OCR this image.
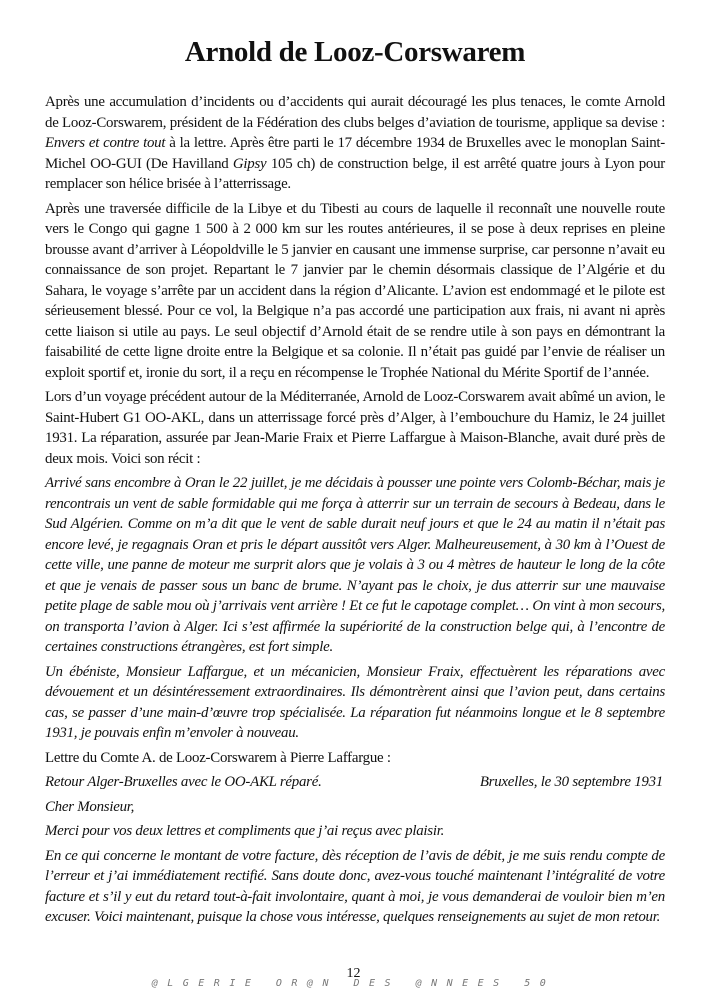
Arnold de Looz-Corswarem

Après une accumulation d’incidents ou d’accidents qui aurait découragé les plus tenaces, le comte Arnold de Looz-Corswarem, président de la Fédération des clubs belges d’aviation de tourisme, applique sa devise : Envers et contre tout à la lettre. Après être parti le 17 décembre 1934 de Bruxelles avec le monoplan Saint-Michel OO-GUI (De Havilland Gipsy 105 ch) de construction belge, il est arrêté quatre jours à Lyon pour remplacer son hélice brisée à l’atterrissage.

Après une traversée difficile de la Libye et du Tibesti au cours de laquelle il reconnaît une nouvelle route vers le Congo qui gagne 1 500 à 2 000 km sur les routes antérieures, il se pose à deux reprises en pleine brousse avant d’arriver à Léopoldville le 5 janvier en causant une immense surprise, car personne n’avait eu connaissance de son projet. Repartant le 7 janvier par le chemin désormais classique de l’Algérie et du Sahara, le voyage s’arrête par un accident dans la région d’Alicante. L’avion est endommagé et le pilote est sérieusement blessé. Pour ce vol, la Belgique n’a pas accordé une participation aux frais, ni avant ni après cette liaison si utile au pays. Le seul objectif d’Arnold était de se rendre utile à son pays en démontrant la faisabilité de cette ligne droite entre la Belgique et sa colonie. Il n’était pas guidé par l’envie de réaliser un exploit sportif et, ironie du sort, il a reçu en récompense le Trophée National du Mérite Sportif de l’année.

Lors d’un voyage précédent autour de la Méditerranée, Arnold de Looz-Corswarem avait abîmé un avion, le Saint-Hubert G1 OO-AKL, dans un atterrissage forcé près d’Alger, à l’embouchure du Hamiz, le 24 juillet 1931. La réparation, assurée par Jean-Marie Fraix et Pierre Laffargue à Maison-Blanche, avait duré près de deux mois. Voici son récit :

Arrivé sans encombre à Oran le 22 juillet, je me décidais à pousser une pointe vers Colomb-Béchar, mais je rencontrais un vent de sable formidable qui me força à atterrir sur un terrain de secours à Bedeau, dans le Sud Algérien. Comme on m’a dit que le vent de sable durait neuf jours et que le 24 au matin il n’était pas encore levé, je regagnais Oran et pris le départ aussitôt vers Alger. Malheureusement, à 30 km à l’Ouest de cette ville, une panne de moteur me surprit alors que je volais à 3 ou 4 mètres de hauteur le long de la côte et que je venais de passer sous un banc de brume. N’ayant pas le choix, je dus atterrir sur une mauvaise petite plage de sable mou où j’arrivais vent arrière ! Et ce fut le capotage complet… On vint à mon secours, on transporta l’avion à Alger. Ici s’est affirmée la supériorité de la construction belge qui, à l’encontre de certaines constructions étrangères, est fort simple.

Un ébéniste, Monsieur Laffargue, et un mécanicien, Monsieur Fraix, effectuèrent les réparations avec dévouement et un désintéressement extraordinaires. Ils démontrèrent ainsi que l’avion peut, dans certains cas, se passer d’une main-d’œuvre trop spécialisée. La réparation fut néanmoins longue et le 8 septembre 1931, je pouvais enfin m’envoler à nouveau.

Lettre du Comte A. de Looz-Corswarem à Pierre Laffargue :

Retour Alger-Bruxelles avec le OO-AKL réparé.	Bruxelles, le 30 septembre 1931

Cher Monsieur,

Merci pour vos deux lettres et compliments que j’ai reçus avec plaisir.

En ce qui concerne le montant de votre facture, dès réception de l’avis de débit, je me suis rendu compte de l’erreur et j’ai immédiatement rectifié. Sans doute donc, avez-vous touché maintenant l’intégralité de votre facture et s’il y eut du retard tout-à-fait involontaire, quant à moi, je vous demanderai de vouloir bien m’en excuser. Voici maintenant, puisque la chose vous intéresse, quelques renseignements au sujet de mon retour.

12
@LGERIE OR@N DES @NNEES 50
